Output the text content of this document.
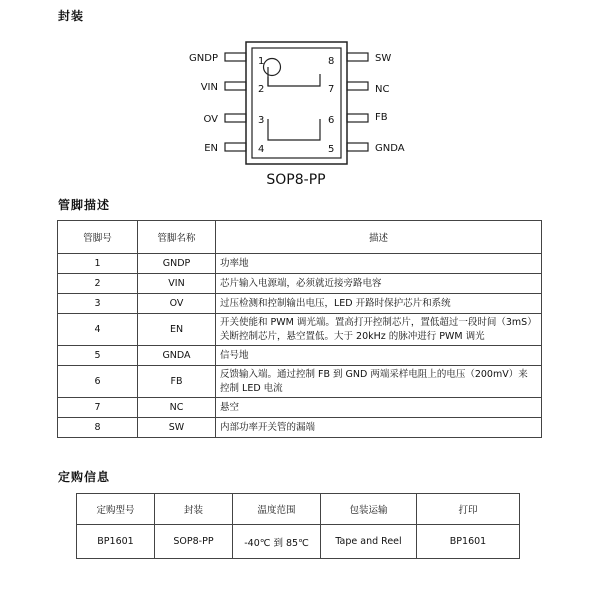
封装
GNDP
VIN
OV
EN
1
2
3
4
8
7
6
5
SW
NC
FB
GNDA
SOP8-PP
管脚描述
管脚号	管脚名称	描述
1	GNDP	功率地
2	VIN	芯片输入电源端，必须就近接旁路电容
3	OV	过压检测和控制输出电压，LED 开路时保护芯片和系统
4	EN	开关使能和 PWM 调光端。置高打开控制芯片，置低超过一段时间（3mS）关断控制芯片，悬空置低。大于 20kHz 的脉冲进行 PWM 调光
5	GNDA	信号地
6	FB	反馈输入端。通过控制 FB 到 GND 两端采样电阻上的电压（200mV）来控制 LED 电流
7	NC	悬空
8	SW	内部功率开关管的漏端
定购信息
定购型号	封装	温度范围	包装运输	打印
BP1601	SOP8-PP	-40℃ 到 85℃	Tape and Reel	BP1601
